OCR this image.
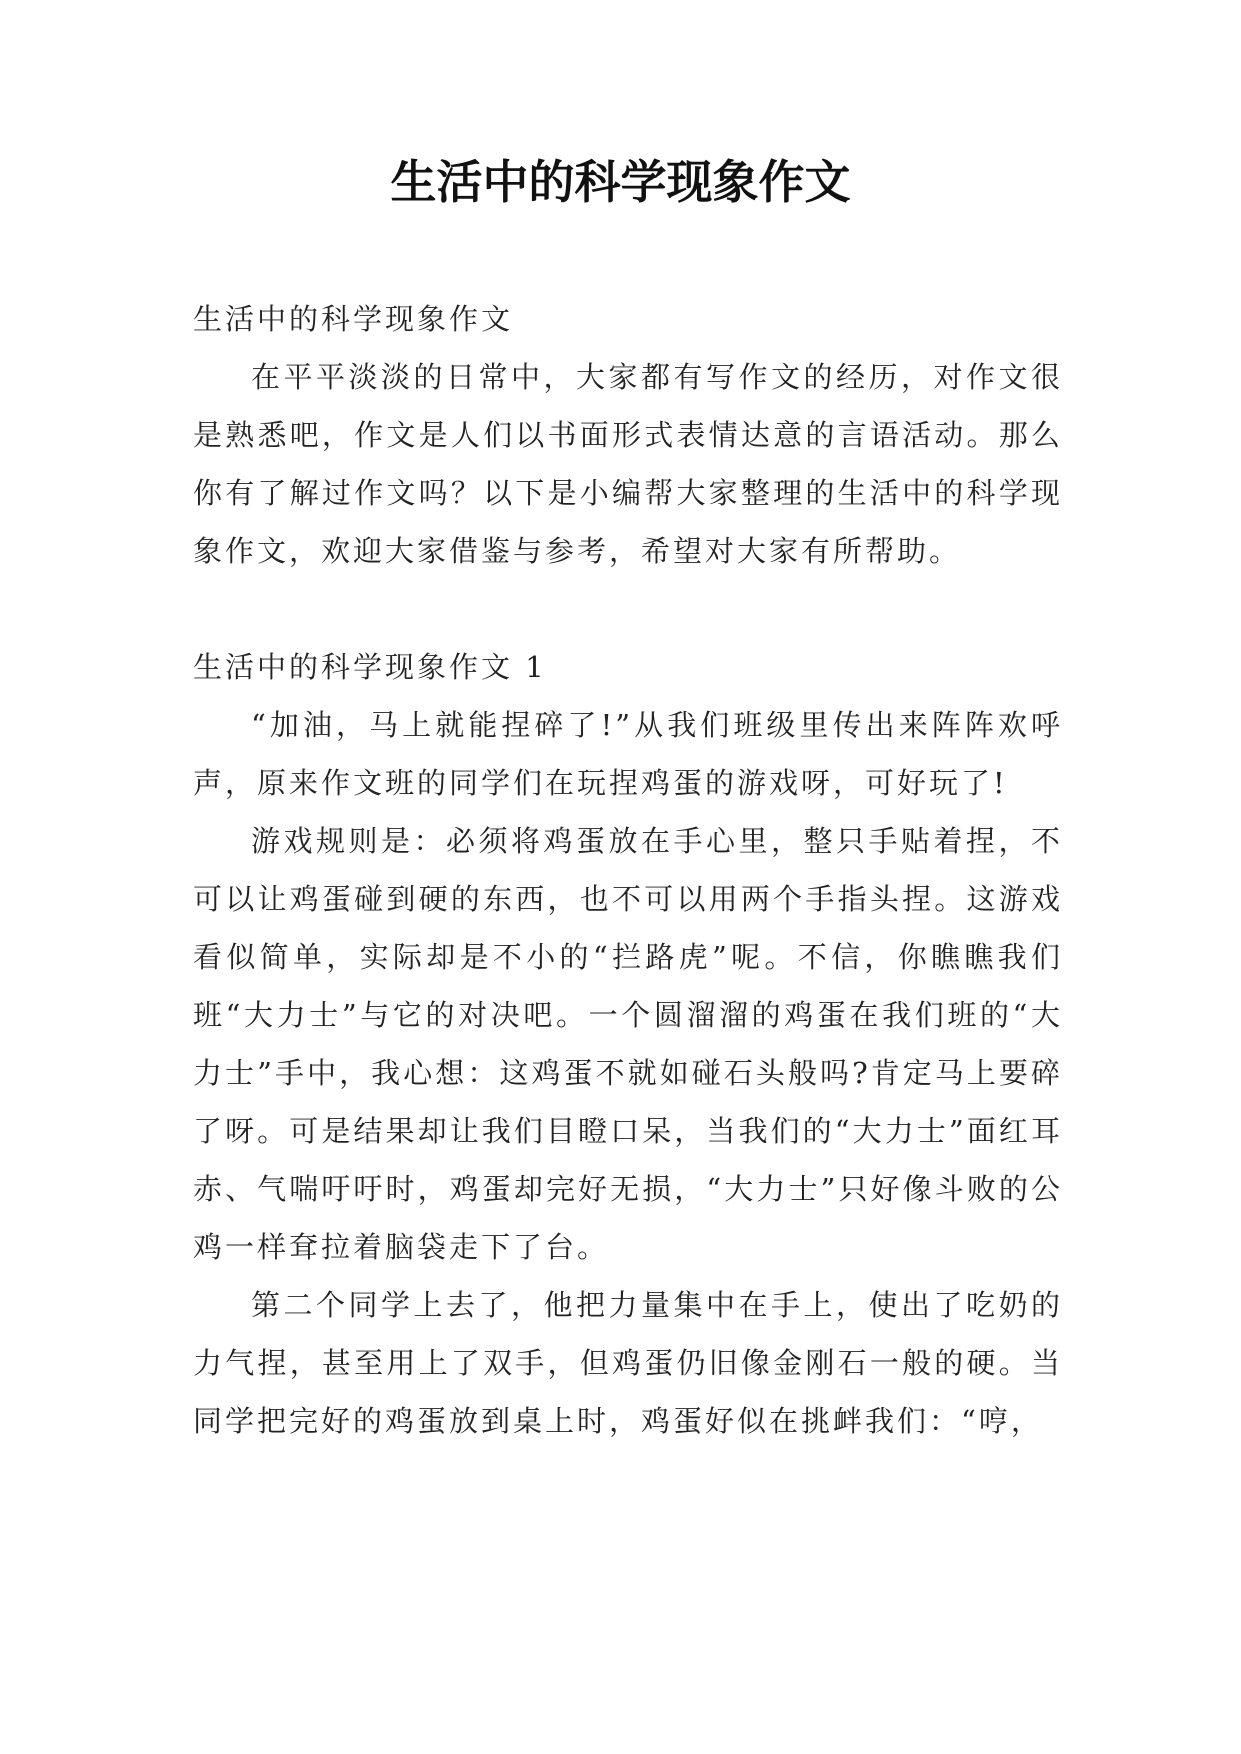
生活中的科学现象作文

生活中的科学现象作文

在平平淡淡的日常中，大家都有写作文的经历，对作文很是熟悉吧，作文是人们以书面形式表情达意的言语活动。那么你有了解过作文吗？以下是小编帮大家整理的生活中的科学现象作文，欢迎大家借鉴与参考，希望对大家有所帮助。

生活中的科学现象作文 1

“加油，马上就能捏碎了!”从我们班级里传出来阵阵欢呼声，原来作文班的同学们在玩捏鸡蛋的游戏呀，可好玩了!

游戏规则是：必须将鸡蛋放在手心里，整只手贴着捏，不可以让鸡蛋碰到硬的东西，也不可以用两个手指头捏。这游戏看似简单，实际却是不小的“拦路虎”呢。不信，你瞧瞧我们班“大力士”与它的对决吧。一个圆溜溜的鸡蛋在我们班的“大力士”手中，我心想：这鸡蛋不就如碰石头般吗?肯定马上要碎了呀。可是结果却让我们目瞪口呆，当我们的“大力士”面红耳赤、气喘吁吁时，鸡蛋却完好无损，“大力士”只好像斗败的公鸡一样耷拉着脑袋走下了台。

第二个同学上去了，他把力量集中在手上，使出了吃奶的力气捏，甚至用上了双手，但鸡蛋仍旧像金刚石一般的硬。当同学把完好的鸡蛋放到桌上时，鸡蛋好似在挑衅我们：“哼，
